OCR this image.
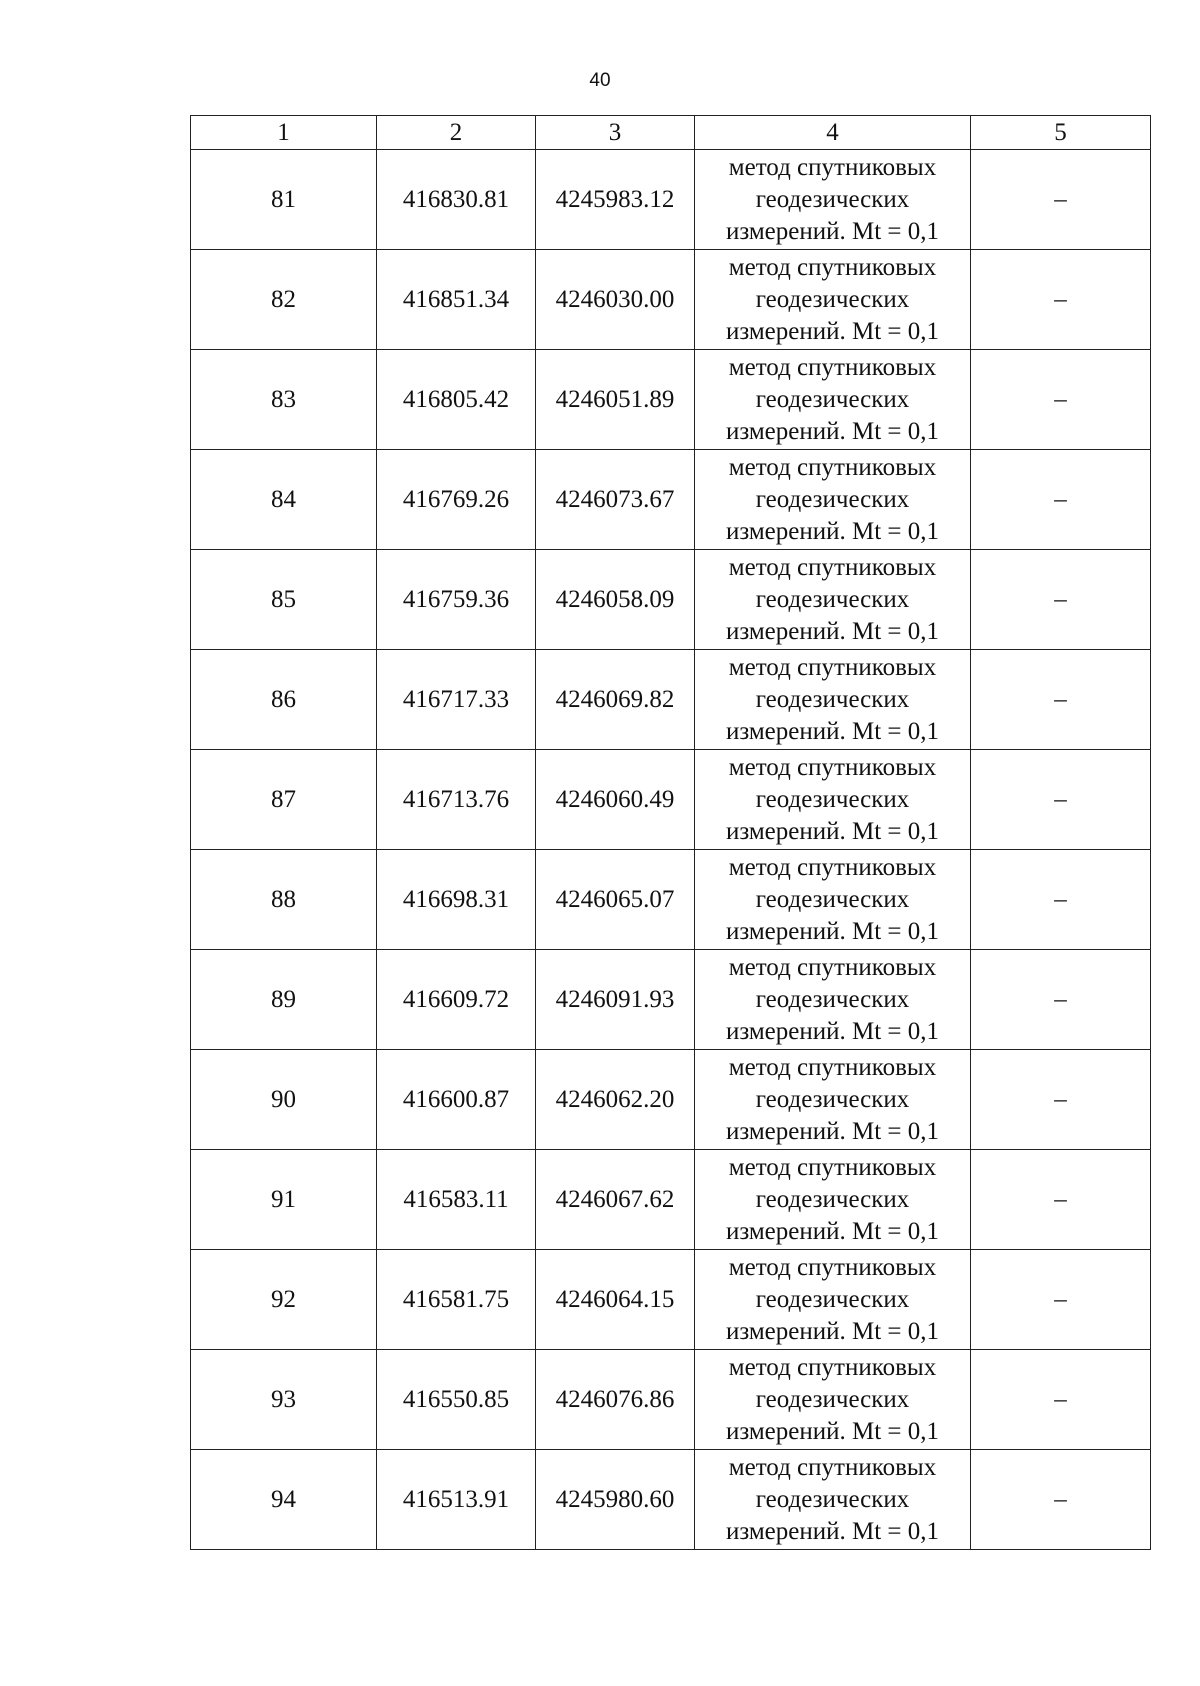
40
1	2	3	4	5
81	416830.81	4245983.12	метод спутниковых геодезических измерений. Mt = 0,1	–
82	416851.34	4246030.00	метод спутниковых геодезических измерений. Mt = 0,1	–
83	416805.42	4246051.89	метод спутниковых геодезических измерений. Mt = 0,1	–
84	416769.26	4246073.67	метод спутниковых геодезических измерений. Mt = 0,1	–
85	416759.36	4246058.09	метод спутниковых геодезических измерений. Mt = 0,1	–
86	416717.33	4246069.82	метод спутниковых геодезических измерений. Mt = 0,1	–
87	416713.76	4246060.49	метод спутниковых геодезических измерений. Mt = 0,1	–
88	416698.31	4246065.07	метод спутниковых геодезических измерений. Mt = 0,1	–
89	416609.72	4246091.93	метод спутниковых геодезических измерений. Mt = 0,1	–
90	416600.87	4246062.20	метод спутниковых геодезических измерений. Mt = 0,1	–
91	416583.11	4246067.62	метод спутниковых геодезических измерений. Mt = 0,1	–
92	416581.75	4246064.15	метод спутниковых геодезических измерений. Mt = 0,1	–
93	416550.85	4246076.86	метод спутниковых геодезических измерений. Mt = 0,1	–
94	416513.91	4245980.60	метод спутниковых геодезических измерений. Mt = 0,1	–
